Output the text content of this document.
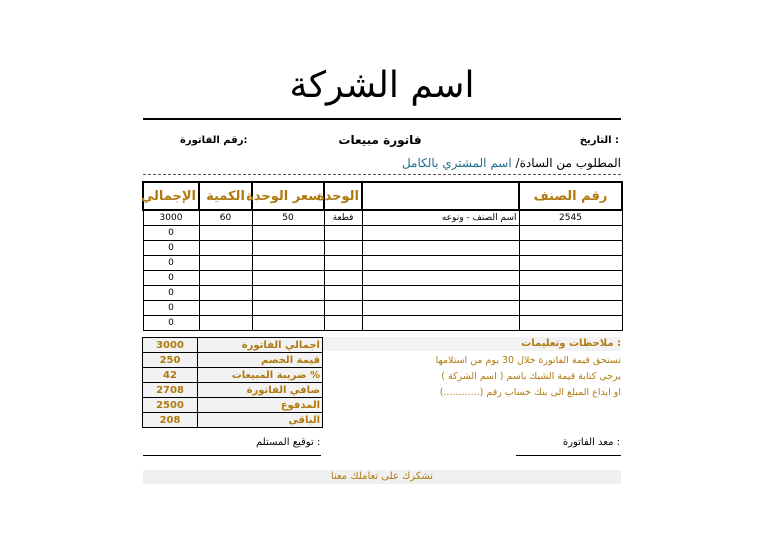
اسم الشركة
: التاريخ
فاتورة مبيعات
:رقم الفاتورة
المطلوب من السادة/ اسم المشتري بالكامل
رقم الصنف		الوحدة	سعر الوحدة	الكمية	الإجمالي
2545	اسم الصنف - ونوعه	قطعة	50	60	3000
					0
					0
					0
					0
					0
					0
					0
اجمالي الفاتورة	3000
قيمة الخصم	250
% ضريبة المبيعات	42
صافي الفاتورة	2708
المدفوع	2500
الباقي	208
: ملاحظات وتعليمات
تستحق قيمة الفاتورة خلال 30 يوم من استلامها
يرجى كتابة قيمة الشيك باسم ( اسم الشركة )
او ايداع المبلغ الى بنك خساب رقم (............)
: معد الفاتورة
: توقيع المستلم
نشكرك على تعاملك معنا
